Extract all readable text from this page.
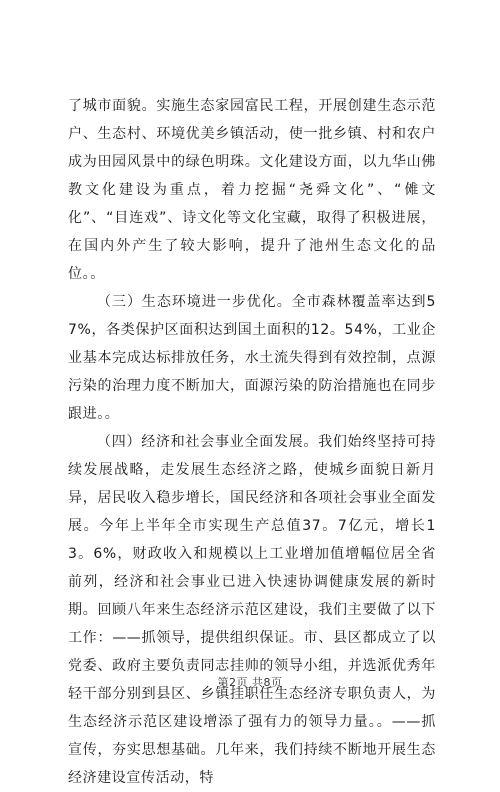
了城市面貌。实施生态家园富民工程，开展创建生态示范户、生态村、环境优美乡镇活动，使一批乡镇、村和农户成为田园风景中的绿色明珠。文化建设方面，以九华山佛教文化建设为重点，着力挖掘“尧舜文化”、“傩文化”、“目连戏”、诗文化等文化宝藏，取得了积极进展，在国内外产生了较大影响，提升了池州生态文化的品位。。

（三）生态环境进一步优化。全市森林覆盖率达到57%，各类保护区面积达到国土面积的12。54%，工业企业基本完成达标排放任务，水土流失得到有效控制，点源污染的治理力度不断加大，面源污染的防治措施也在同步跟进。。

（四）经济和社会事业全面发展。我们始终坚持可持续发展战略，走发展生态经济之路，使城乡面貌日新月异，居民收入稳步增长，国民经济和各项社会事业全面发展。今年上半年全市实现生产总值37。7亿元，增长13。6%，财政收入和规模以上工业增加值增幅位居全省前列，经济和社会事业已进入快速协调健康发展的新时期。回顾八年来生态经济示范区建设，我们主要做了以下工作：——抓领导，提供组织保证。市、县区都成立了以党委、政府主要负责同志挂帅的领导小组，并选派优秀年轻干部分别到县区、乡镇挂职任生态经济专职负责人，为生态经济示范区建设增添了强有力的领导力量。。——抓宣传，夯实思想基础。几年来，我们持续不断地开展生态经济建设宣传活动，特

第2页 共8页
